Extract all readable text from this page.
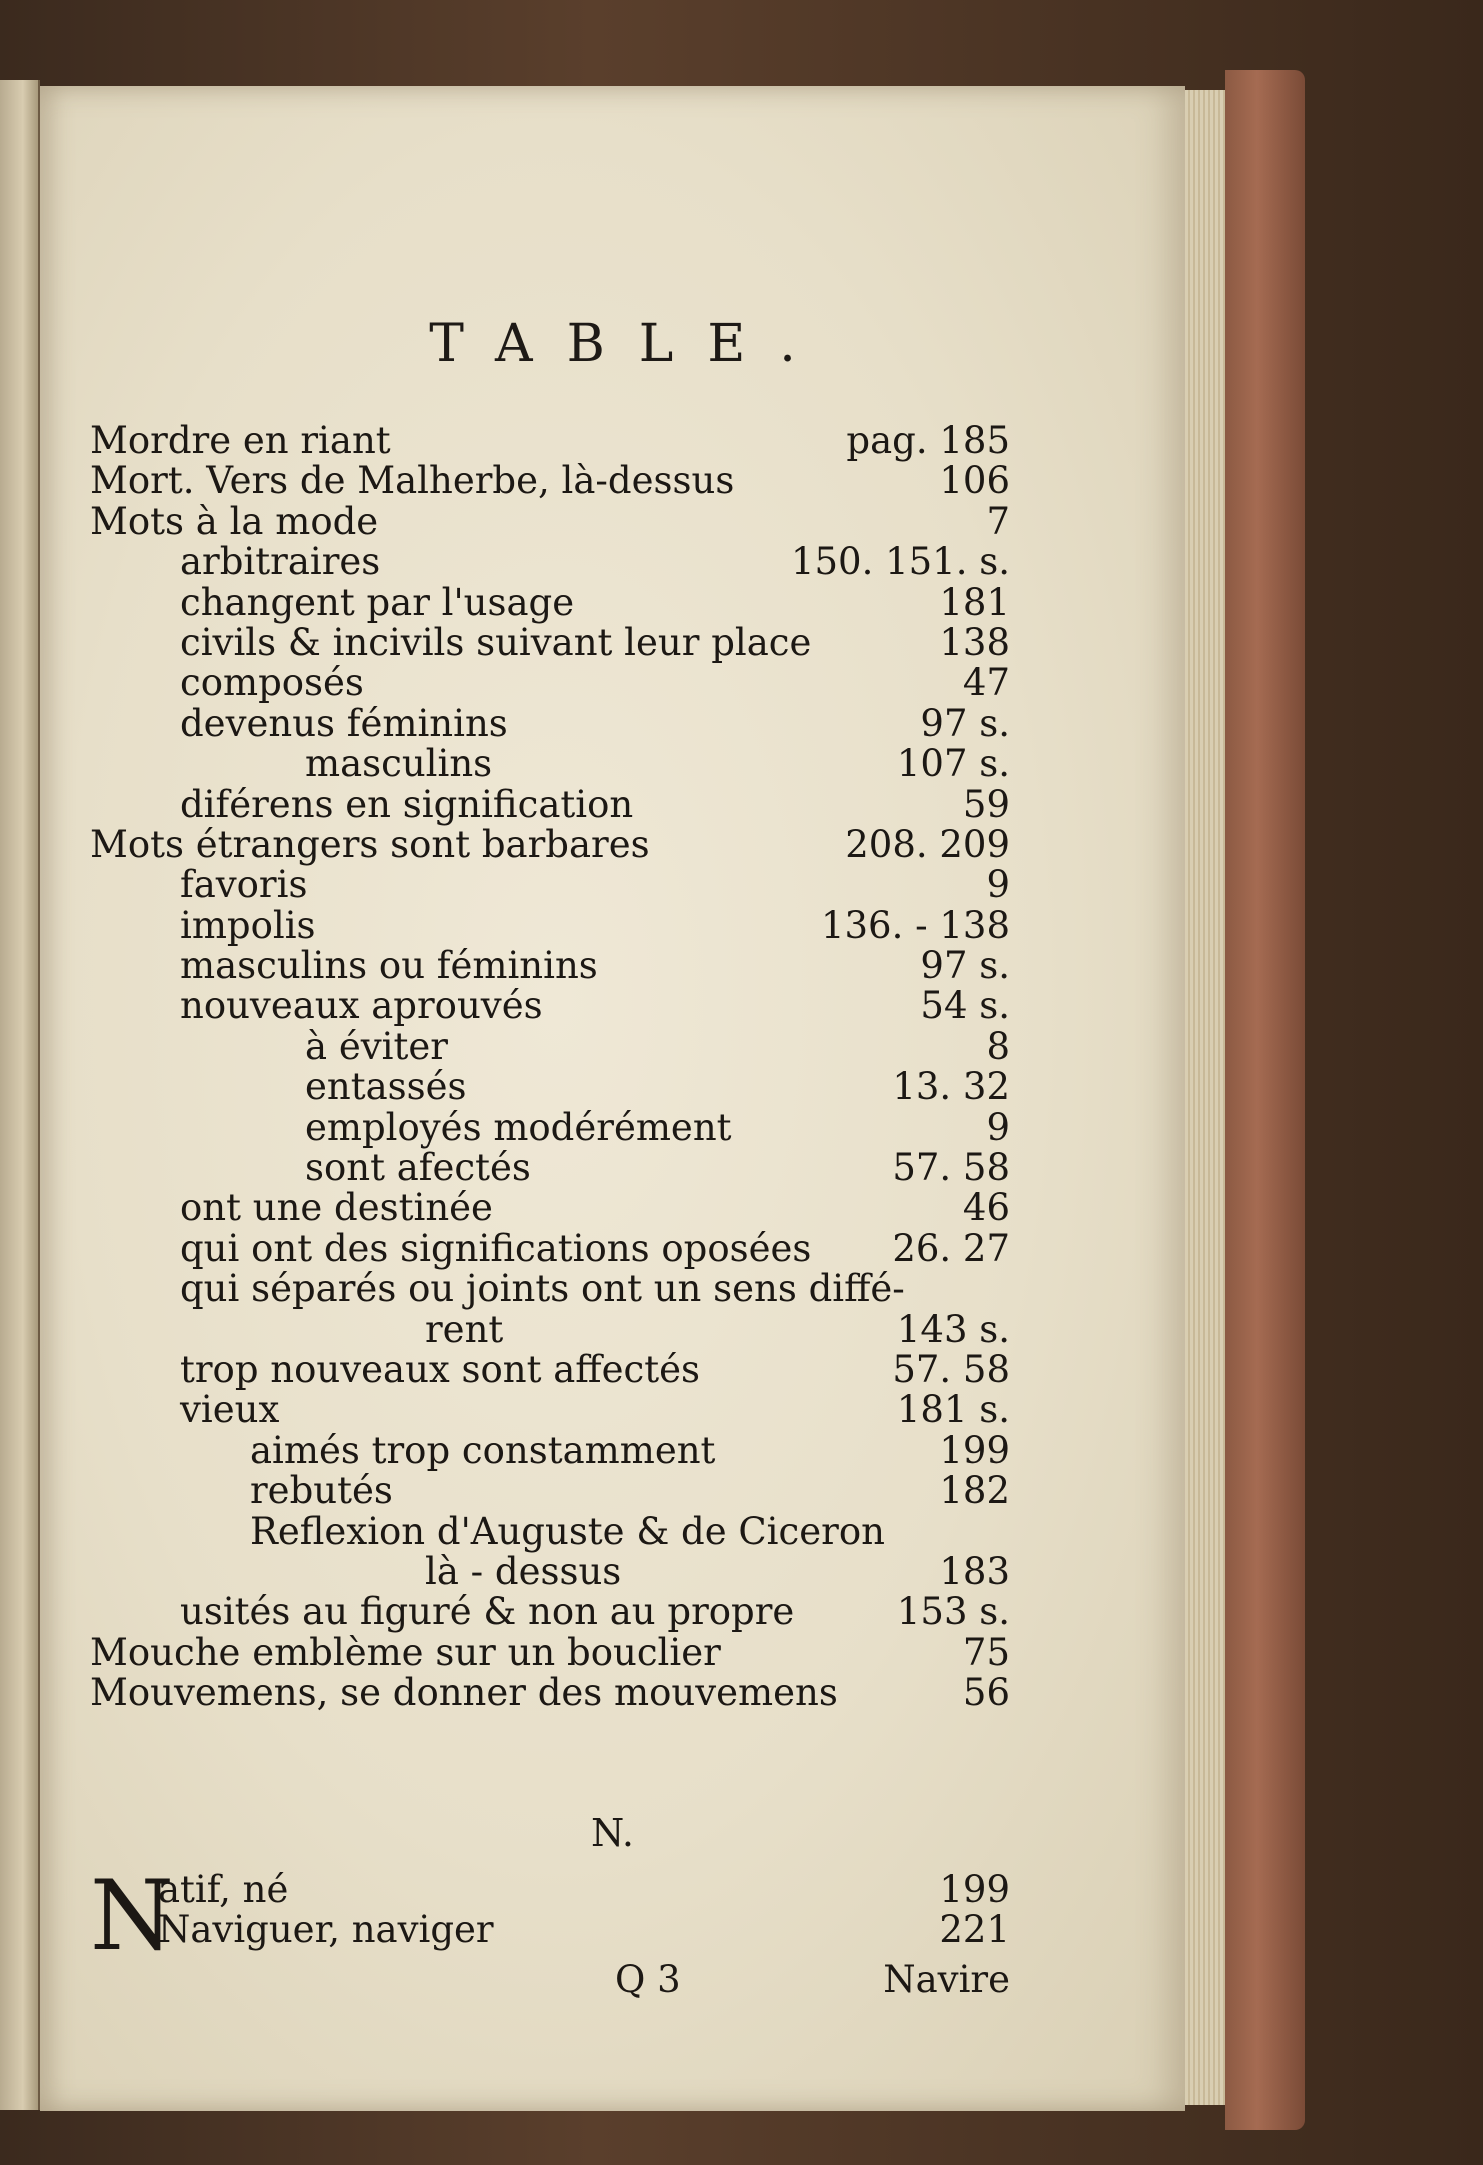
TABLE.
Mordre en riant	pag. 185
Mort. Vers de Malherbe, là-dessus	106
Mots à la mode	7
arbitraires	150. 151. s.
changent par l'usage	181
civils & incivils suivant leur place	138
composés	47
devenus féminins	97 s.
masculins	107 s.
diférens en signification	59
Mots étrangers sont barbares	208. 209
favoris	9
impolis	136. - 138
masculins ou féminins	97 s.
nouveaux aprouvés	54 s.
à éviter	8
entassés	13. 32
employés modérément	9
sont afectés	57. 58
ont une destinée	46
qui ont des significations oposées 26. 27
qui séparés ou joints ont un sens diffé-
rent	143 s.
trop nouveaux sont affectés	57. 58
vieux	181 s.
aimés trop constamment	199
rebutés	182
Reflexion d'Auguste & de Ciceron
là - dessus	183
usités au figuré & non au propre	153 s.
Mouche emblème sur un bouclier	75
Mouvemens, se donner des mouvemens	56
N.
N
atif, né	199
Naviguer, naviger	221
Q 3	Navire
